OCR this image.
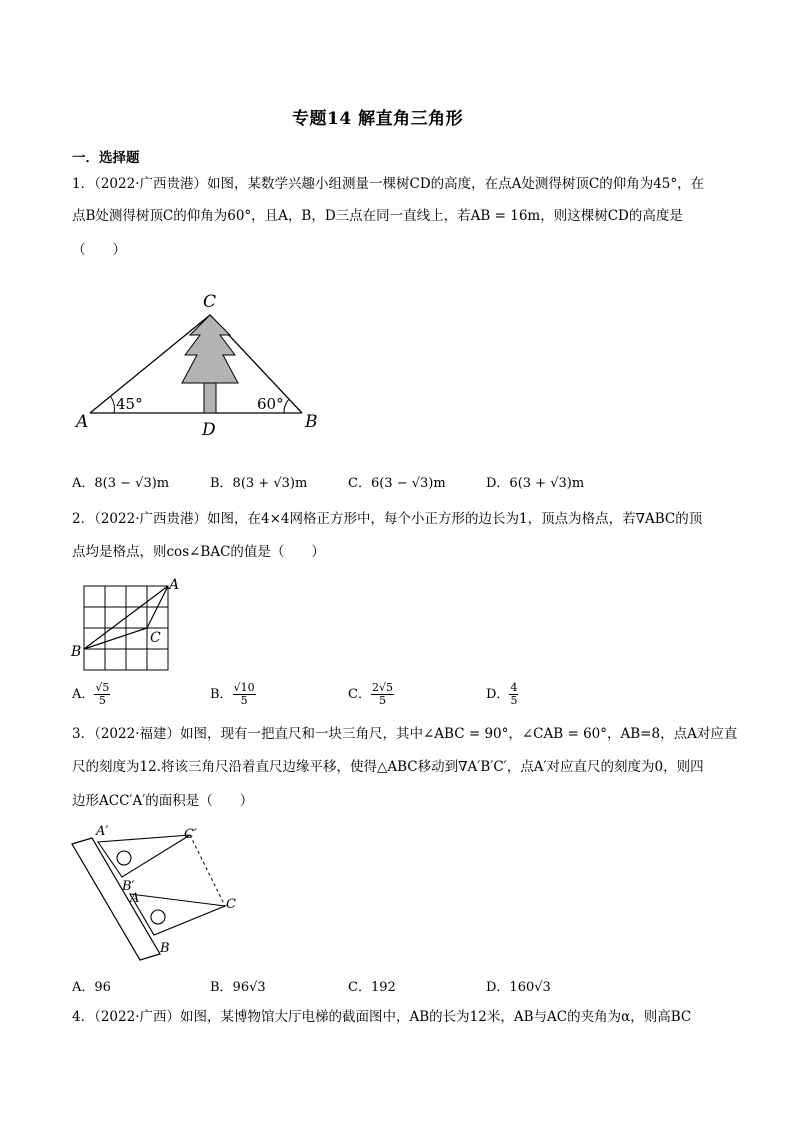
专题14 解直角三角形
一．选择题
1．（2022·广西贵港）如图，某数学兴趣小组测量一棵树CD的高度，在点A处测得树顶C的仰角为45°，在
点B处测得树顶C的仰角为60°，且A，B，D三点在同一直线上，若AB = 16m，则这棵树CD的高度是
（　　）
C
A	B
D
45°	60°
A．8(3 − √3)m	B．8(3 + √3)m	C．6(3 − √3)m	D．6(3 + √3)m
2．（2022·广西贵港）如图，在4×4网格正方形中，每个小正方形的边长为1，顶点为格点，若∇ABC的顶
点均是格点，则cos∠BAC的值是（　　）
A
B
C
A． $\frac{√5}{5}$	B． $\frac{√10}{5}$	C． $\frac{2√5}{5}$	D． $\frac{4}{5}$
3．（2022·福建）如图，现有一把直尺和一块三角尺，其中∠ABC = 90°，∠CAB = 60°，AB=8，点A对应直
尺的刻度为12.将该三角尺沿着直尺边缘平移，使得△ABC移动到∇A′B′C′，点A′对应直尺的刻度为0，则四
边形ACC′A′的面积是（　　）
A′	C′
B′
A	C
B
A．96	B．96√3	C．192	D．160√3
4．（2022·广西）如图，某博物馆大厅电梯的截面图中，AB的长为12米，AB与AC的夹角为α，则高BC
